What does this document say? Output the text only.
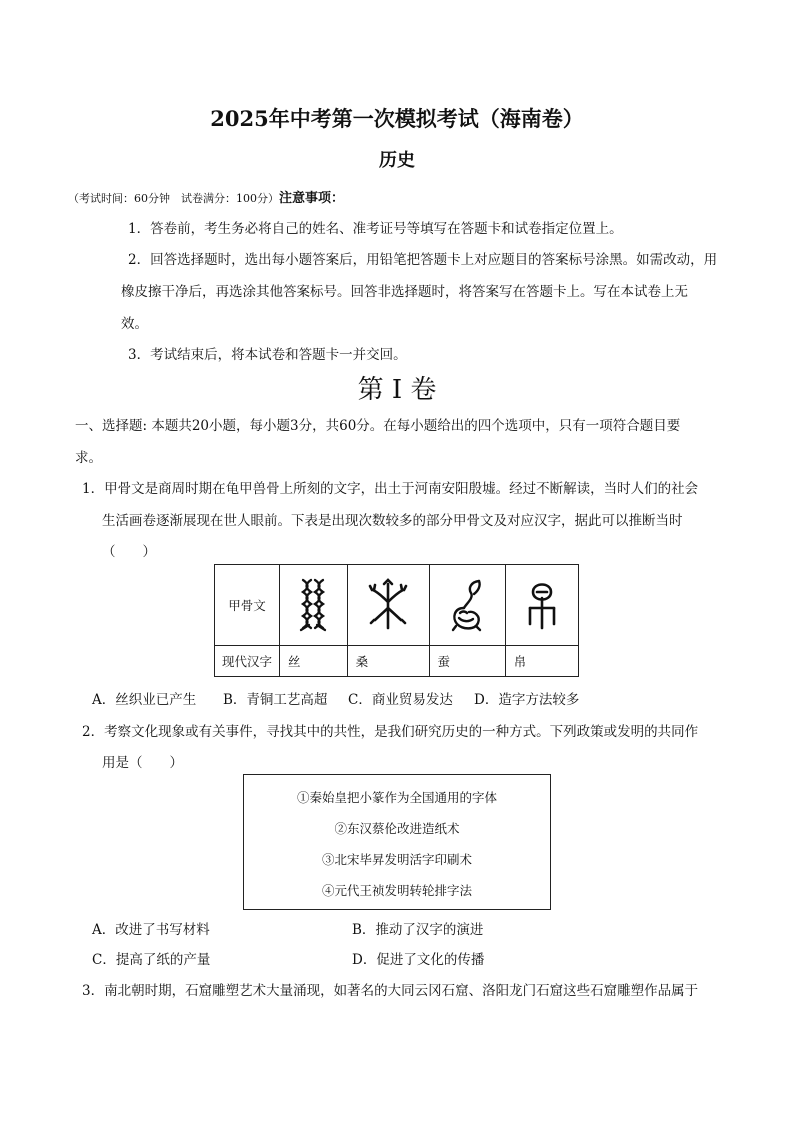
2025年中考第一次模拟考试（海南卷）
历史
（考试时间：60分钟　试卷满分：100分）注意事项：
1．答卷前，考生务必将自己的姓名、准考证号等填写在答题卡和试卷指定位置上。
2．回答选择题时，选出每小题答案后，用铅笔把答题卡上对应题目的答案标号涂黑。如需改动，用
橡皮擦干净后，再选涂其他答案标号。回答非选择题时，将答案写在答题卡上。写在本试卷上无
效。
3．考试结束后，将本试卷和答题卡一并交回。
第 I 卷
一、选择题: 本题共20小题，每小题3分，共60分。在每小题给出的四个选项中，只有一项符合题目要
求。
1．甲骨文是商周时期在龟甲兽骨上所刻的文字，出土于河南安阳殷墟。经过不断解读，当时人们的社会
生活画卷逐渐展现在世人眼前。下表是出现次数较多的部分甲骨文及对应汉字，据此可以推断当时
（　　）
甲骨文	

现代汉字	丝	桑	蚕	帛
A．丝织业已产生 B．青铜工艺高超 C．商业贸易发达 D．造字方法较多
2．考察文化现象或有关事件，寻找其中的共性，是我们研究历史的一种方式。下列政策或发明的共同作
用是（　　）
①秦始皇把小篆作为全国通用的字体
②东汉蔡伦改进造纸术
③北宋毕昇发明活字印刷术
④元代王祯发明转轮排字法
A．改进了书写材料	B．推动了汉字的演进
C．提高了纸的产量	D．促进了文化的传播
3．南北朝时期，石窟雕塑艺术大量涌现，如著名的大同云冈石窟、洛阳龙门石窟这些石窟雕塑作品属于
